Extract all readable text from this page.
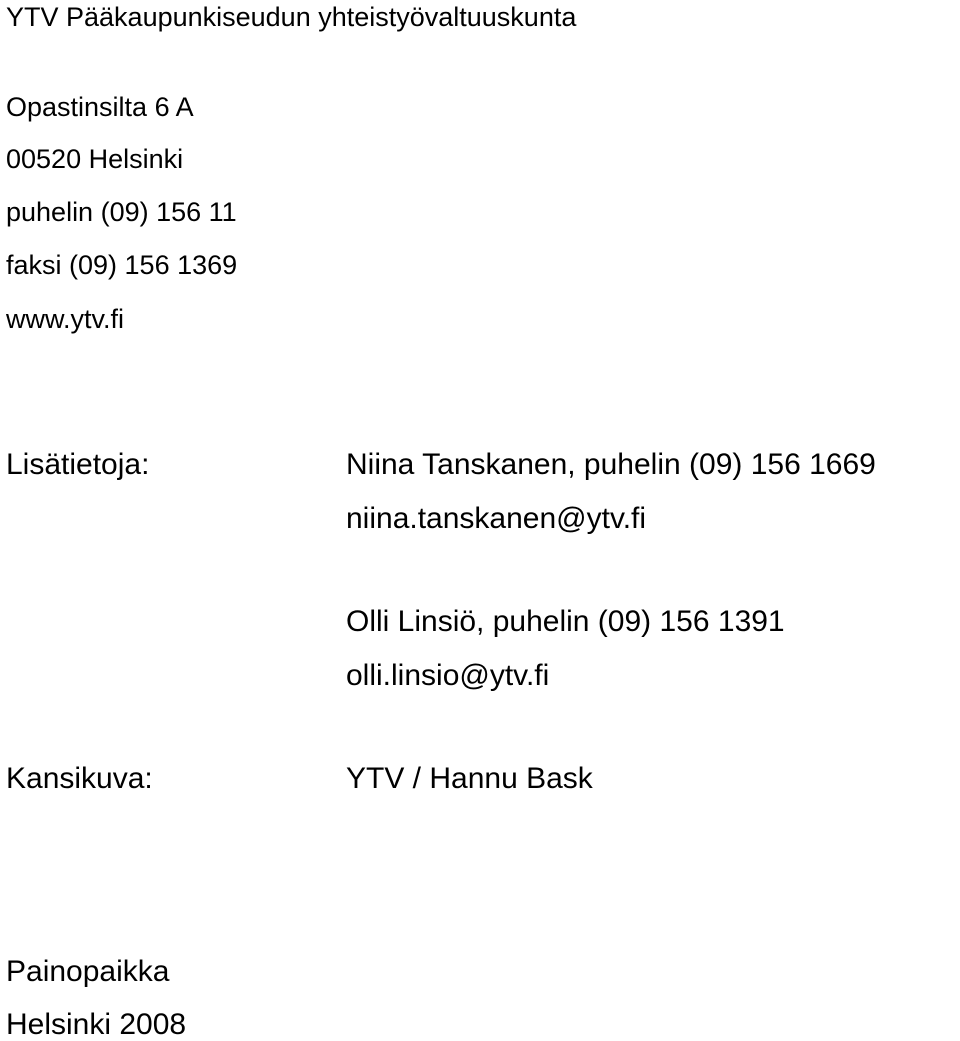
YTV Pääkaupunkiseudun yhteistyövaltuuskunta
Opastinsilta 6 A
00520 Helsinki
puhelin (09) 156 11
faksi (09) 156 1369
www.ytv.fi
Lisätietoja:	Niina Tanskanen, puhelin (09) 156 1669
niina.tanskanen@ytv.fi
Olli Linsiö, puhelin (09) 156 1391
olli.linsio@ytv.fi
Kansikuva:	YTV / Hannu Bask
Painopaikka
Helsinki 2008
